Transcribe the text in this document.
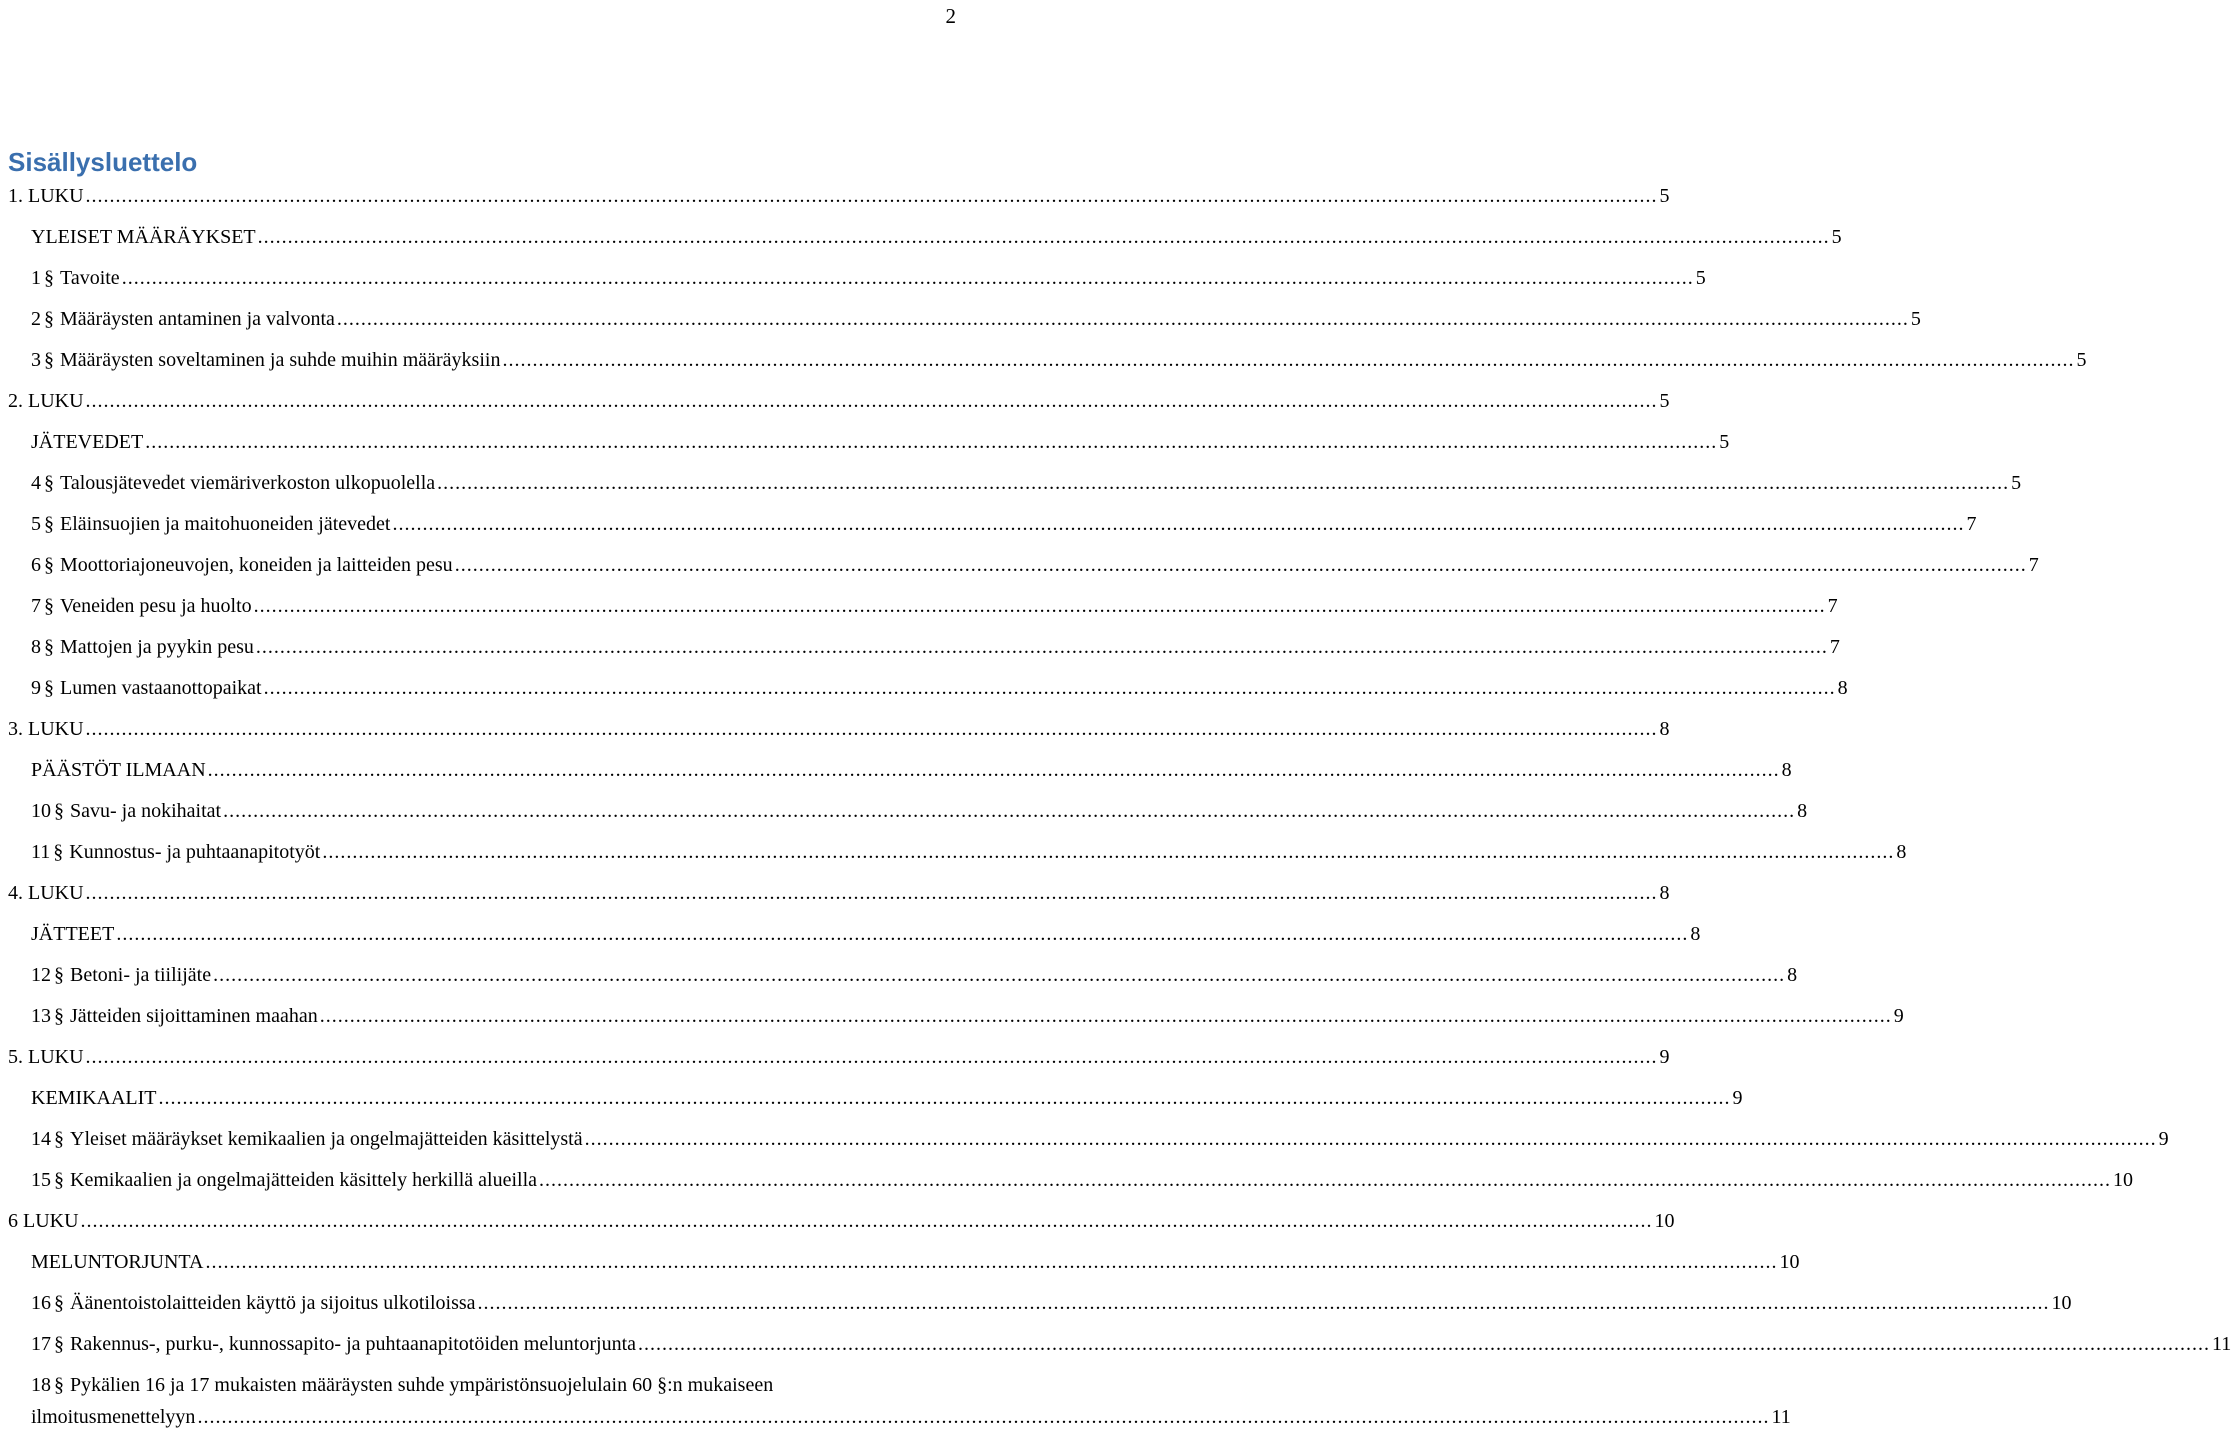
2
Sisällysluettelo
1. LUKU .....	5
YLEISET MÄÄRÄYKSET .....	5
1 § Tavoite .....	5
2 § Määräysten antaminen ja valvonta .....	5
3 § Määräysten soveltaminen ja suhde muihin määräyksiin .....	5
2. LUKU .....	5
JÄTEVEDET .....	5
4 § Talousjätevedet viemäriverkoston ulkopuolella .....	5
5 § Eläinsuojien ja maitohuoneiden jätevedet .....	7
6 § Moottoriajoneuvojen, koneiden ja laitteiden pesu .....	7
7 § Veneiden pesu ja huolto .....	7
8 § Mattojen ja pyykin pesu .....	7
9 § Lumen vastaanottopaikat .....	8
3. LUKU .....	8
PÄÄSTÖT ILMAAN .....	8
10 § Savu- ja nokihaitat .....	8
11 § Kunnostus- ja puhtaanapitotyöt .....	8
4. LUKU .....	8
JÄTTEET .....	8
12 § Betoni- ja tiilijäte .....	8
13 § Jätteiden sijoittaminen maahan .....	9
5. LUKU .....	9
KEMIKAALIT .....	9
14 § Yleiset määräykset kemikaalien ja ongelmajätteiden käsittelystä .....	9
15 § Kemikaalien ja ongelmajätteiden käsittely herkillä alueilla .....	10
6 LUKU .....	10
MELUNTORJUNTA .....	10
16 § Äänentoistolaitteiden käyttö ja sijoitus ulkotiloissa .....	10
17 § Rakennus-, purku-, kunnossapito- ja puhtaanapitotöiden meluntorjunta .....	11
18 § Pykälien 16 ja 17 mukaisten määräysten suhde ympäristönsuojelulain 60 §:n mukaiseen
ilmoitusmenettelyyn .....	11
